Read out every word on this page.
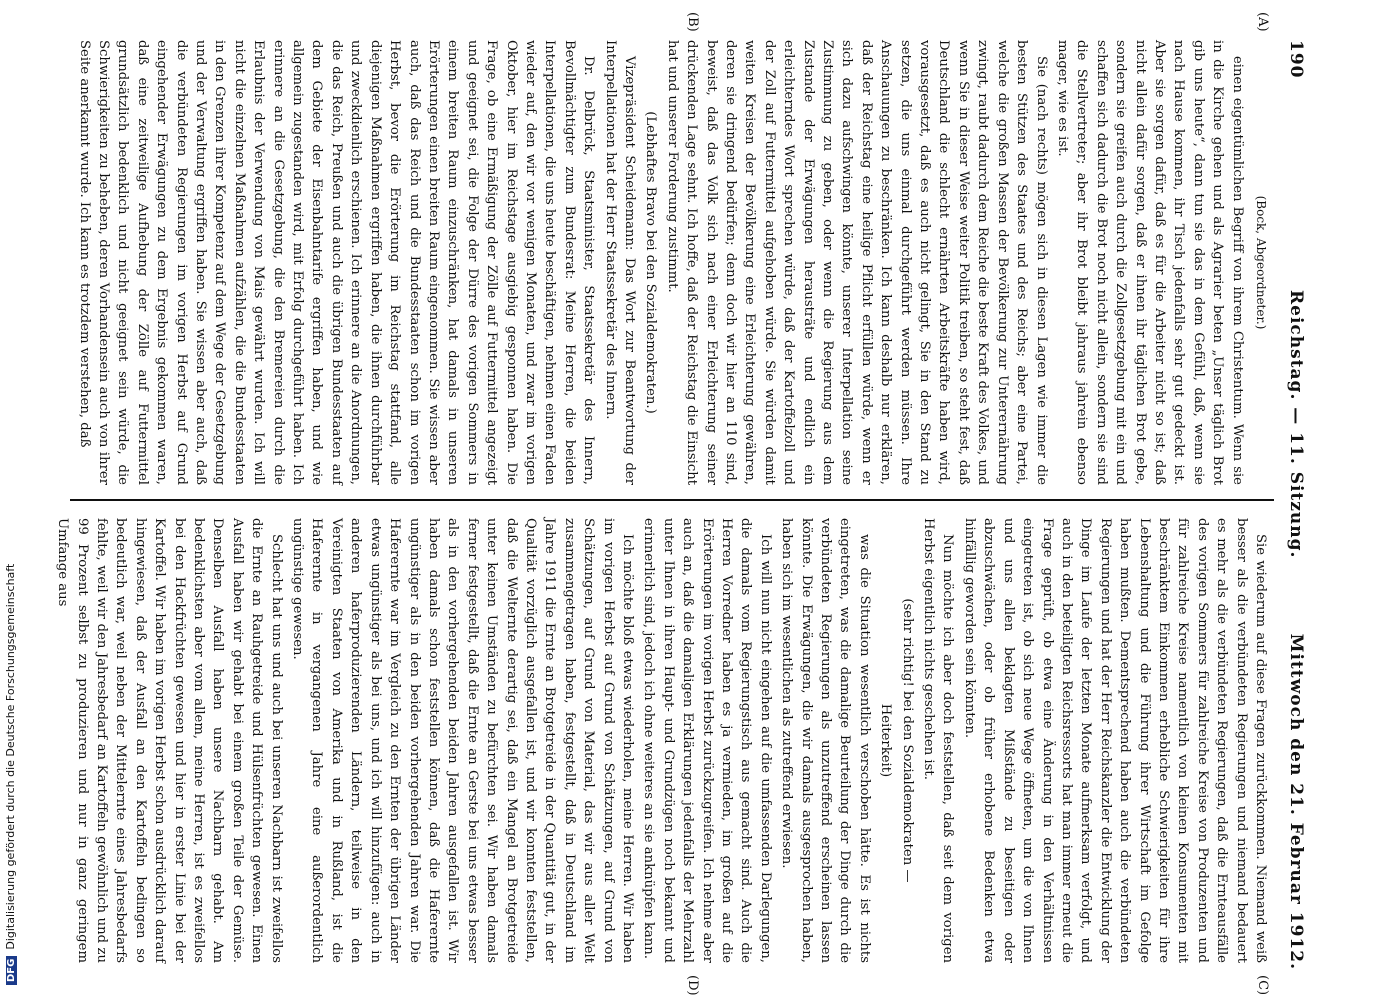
190
Reichstag. — 11. Sitzung.
Mittwoch den 21. Februar 1912.
(A)
(B)
(C)
(D)

(Bock, Abgeordneter.)

einen eigentümlichen Begriff von ihrem Christentum. Wenn sie in die Kirche gehen und als Agrarier beten „Unser täglich Brot gib uns heute“, dann tun sie das in dem Gefühl, daß, wenn sie nach Hause kommen, ihr Tisch jedenfalls sehr gut gedeckt ist. Aber sie sorgen dafür, daß es für die Arbeiter nicht so ist; daß nicht allein dafür sorgen, daß er ihnen ihr täglichen Brot gebe, sondern sie greifen auch durch die Zollgesetzgebung mit ein und schaffen sich dadurch die Brot noch nicht allein, sondern sie sind die Stellvertreter; aber ihr Brot bleibt jahraus jahrein ebenso mager, wie es ist.

Sie (nach rechts) mögen sich in diesen Lagen wie immer die besten Stützen des Staates und des Reichs; aber eine Partei, welche die großen Massen der Bevölkerung zur Unterernährung zwingt, raubt dadurch dem Reiche die beste Kraft des Volkes, und wenn Sie in dieser Weise weiter Politik treiben, so steht fest, daß Deutschland die schlecht ernährten Arbeitskräfte haben wird, vorausgesetzt, daß es auch nicht gelingt, Sie in den Stand zu setzen, die uns einmal durchgeführt werden müssen. Ihre Anschauungen zu beschränken. Ich kann deshalb nur erklären, daß der Reichstag eine heilige Pflicht erfüllen würde, wenn er sich dazu aufschwingen könnte, unserer Interpellation seine Zustimmung zu geben, oder wenn die Regierung aus dem Zustande der Erwägungen herausträte und endlich ein erleichterndes Wort sprechen würde, daß der Kartoffelzoll und der Zoll auf Futtermittel aufgehoben würde. Sie würden damit weiten Kreisen der Bevölkerung eine Erleichterung gewähren, deren sie dringend bedürfen; denn doch wir hier an 110 sind, beweist, daß das Volk sich nach einer Erleichterung seiner drückenden Lage sehnt. Ich hoffe, daß der Reichstag die Einsicht hat und unserer Forderung zustimmt.

(Lebhaftes Bravo bei den Sozialdemokraten.)

Vizepräsident Scheidemann: Das Wort zur Beantwortung der Interpellationen hat der Herr Staatssekretär des Innern.

Dr. Delbrück, Staatsminister, Staatssekretär des Innern, Bevollmächtigter zum Bundesrat: Meine Herren, die beiden Interpellationen, die uns heute beschäftigen, nehmen einen Faden wieder auf, den wir vor wenigen Monaten, und zwar im vorigen Oktober, hier im Reichstage ausgiebig gesponnen haben. Die Frage, ob eine Ermäßigung der Zölle auf Futtermittel angezeigt und geeignet sei, die Folge der Dürre des vorigen Sommers in einem breiten Raum einzuschränken, hat damals in unseren Erörterungen einen breiten Raum eingenommen. Sie wissen aber auch, daß das Reich und die Bundesstaaten schon im vorigen Herbst, bevor die Erörterung im Reichstag stattfand, alle diejenigen Maßnahmen ergriffen haben, die ihnen durchführbar und zweckdienlich erschienen. Ich erinnere an die Anordnungen, die das Reich, Preußen und auch die übrigen Bundesstaaten auf dem Gebiete der Eisenbahntarife ergriffen haben, und wie allgemein zugestanden wird, mit Erfolg durchgeführt haben. Ich erinnere an die Gesetzgebung, die den Bremereien durch die Erlaubnis der Verwendung von Mais gewährt wurden. Ich will nicht die einzelnen Maßnahmen aufzählen, die die Bundesstaaten in den Grenzen ihrer Kompetenz auf dem Wege der Gesetzgebung und der Verwaltung ergriffen haben. Sie wissen aber auch, daß die verbündeten Regierungen im vorigen Herbst auf Grund eingehender Erwägungen zu dem Ergebnis gekommen waren, daß eine zeitweilige Aufhebung der Zölle auf Futtermittel grundsätzlich bedenklich und nicht geeignet sein würde, die Schwierigkeiten zu beheben, deren Vorhandensein auch von ihrer Seite anerkannt wurde. Ich kann es trotzdem verstehen, daß

Sie wiederum auf diese Fragen zurückkommen. Niemand weiß besser als die verbündeten Regierungen und niemand bedauert es mehr als die verbündeten Regierungen, daß die Ernteausfälle des vorigen Sommers für zahlreiche Kreise von Produzenten und für zahlreiche Kreise namentlich von kleinen Konsumenten mit beschränktem Einkommen erhebliche Schwierigkeiten für ihre Lebenshaltung und die Führung ihrer Wirtschaft im Gefolge haben mußten. Dementsprechend haben auch die verbündeten Regierungen und hat der Herr Reichskanzler die Entwicklung der Dinge im Laufe der letzten Monate aufmerksam verfolgt, und auch in den beteiligten Reichsressorts hat man immer erneut die Frage geprüft, ob etwa eine Änderung in den Verhältnissen eingetreten ist, ob sich neue Wege öffneten, um die von Ihnen und uns allen beklagten Mißstände zu beseitigen oder abzuschwächen, oder ob früher erhobene Bedenken etwa hinfällig geworden sein könnten.

Nun möchte ich aber doch feststellen, daß seit dem vorigen Herbst eigentlich nichts geschehen ist.

(sehr richtig! bei den Sozialdemokraten —

Heiterkeit)

was die Situation wesentlich verschoben hätte. Es ist nichts eingetreten, was die damalige Beurteilung der Dinge durch die verbündeten Regierungen als unzutreffend erscheinen lassen könnte. Die Erwägungen, die wir damals ausgesprochen haben, haben sich im wesentlichen als zutreffend erwiesen.

Ich will nun nicht eingehen auf die umfassenden Darlegungen, die damals vom Regierungstisch aus gemacht sind. Auch die Herren Vorredner haben es ja vermieden, im großen auf die Erörterungen im vorigen Herbst zurückzugreifen. Ich nehme aber auch an, daß die damaligen Erklärungen jedenfalls der Mehrzahl unter Ihnen in ihren Haupt- und Grundzügen noch bekannt und erinnerlich sind, jedoch ich ohne weiteres an sie anknüpfen kann.

Ich möchte bloß etwas wiederholen, meine Herren. Wir haben im vorigen Herbst auf Grund von Schätzungen, auf Grund von Schätzungen, auf Grund von Material, das wir aus aller Welt zusammengetragen haben, festgestellt, daß in Deutschland im Jahre 1911 die Ernte an Brotgetreide in der Quantität gut, in der Qualität vorzüglich ausgefallen ist, und wir konnten feststellen, daß die Welternte derartig sei, daß ein Mangel an Brotgetreide unter keinen Umständen zu befürchten sei. Wir haben damals ferner festgestellt, daß die Ernte an Gerste bei uns etwas besser als in den vorhergehenden beiden Jahren ausgefallen ist. Wir haben damals schon feststellen können, daß die Haferernte ungünstiger als in den beiden vorhergehenden Jahren war. Die Haferernte war im Vergleich zu den Ernten der übrigen Länder etwas ungünstiger als bei uns, und ich will hinzufügen: auch in anderen haferproduzierenden Ländern, teilweise in den Vereinigten Staaten von Amerika und in Rußland, ist die Haferernte in vergangenen Jahre eine außerordentlich ungünstige gewesen.

Schlecht hat uns und auch bei unseren Nachbarn ist zweifellos die Ernte an Rauhgetreide und Hülsenfrüchten gewesen. Einen Ausfall haben wir gehabt bei einem großen Teile der Gemüse. Denselben Ausfall haben unsere Nachbarn gehabt. Am bedenklichsten aber vom allem, meine Herren, ist es zweifellos bei den Hackfrüchten gewesen und hier in erster Linie bei der Kartoffel. Wir haben im vorigen Herbst schon ausdrücklich darauf hingewiesen, daß der Ausfall an den Kartoffeln bedingen so bedeutlich war, weil neben der Mittelernte eines Jahresbedarfs fehlte, weil wir den Jahresbedarf an Kartoffeln gewöhnlich und zu 99 Prozent selbst zu produzieren und nur in ganz geringem Umfange aus

DFGDigitalisierung gefördert durch die Deutsche Forschungsgemeinschaft
